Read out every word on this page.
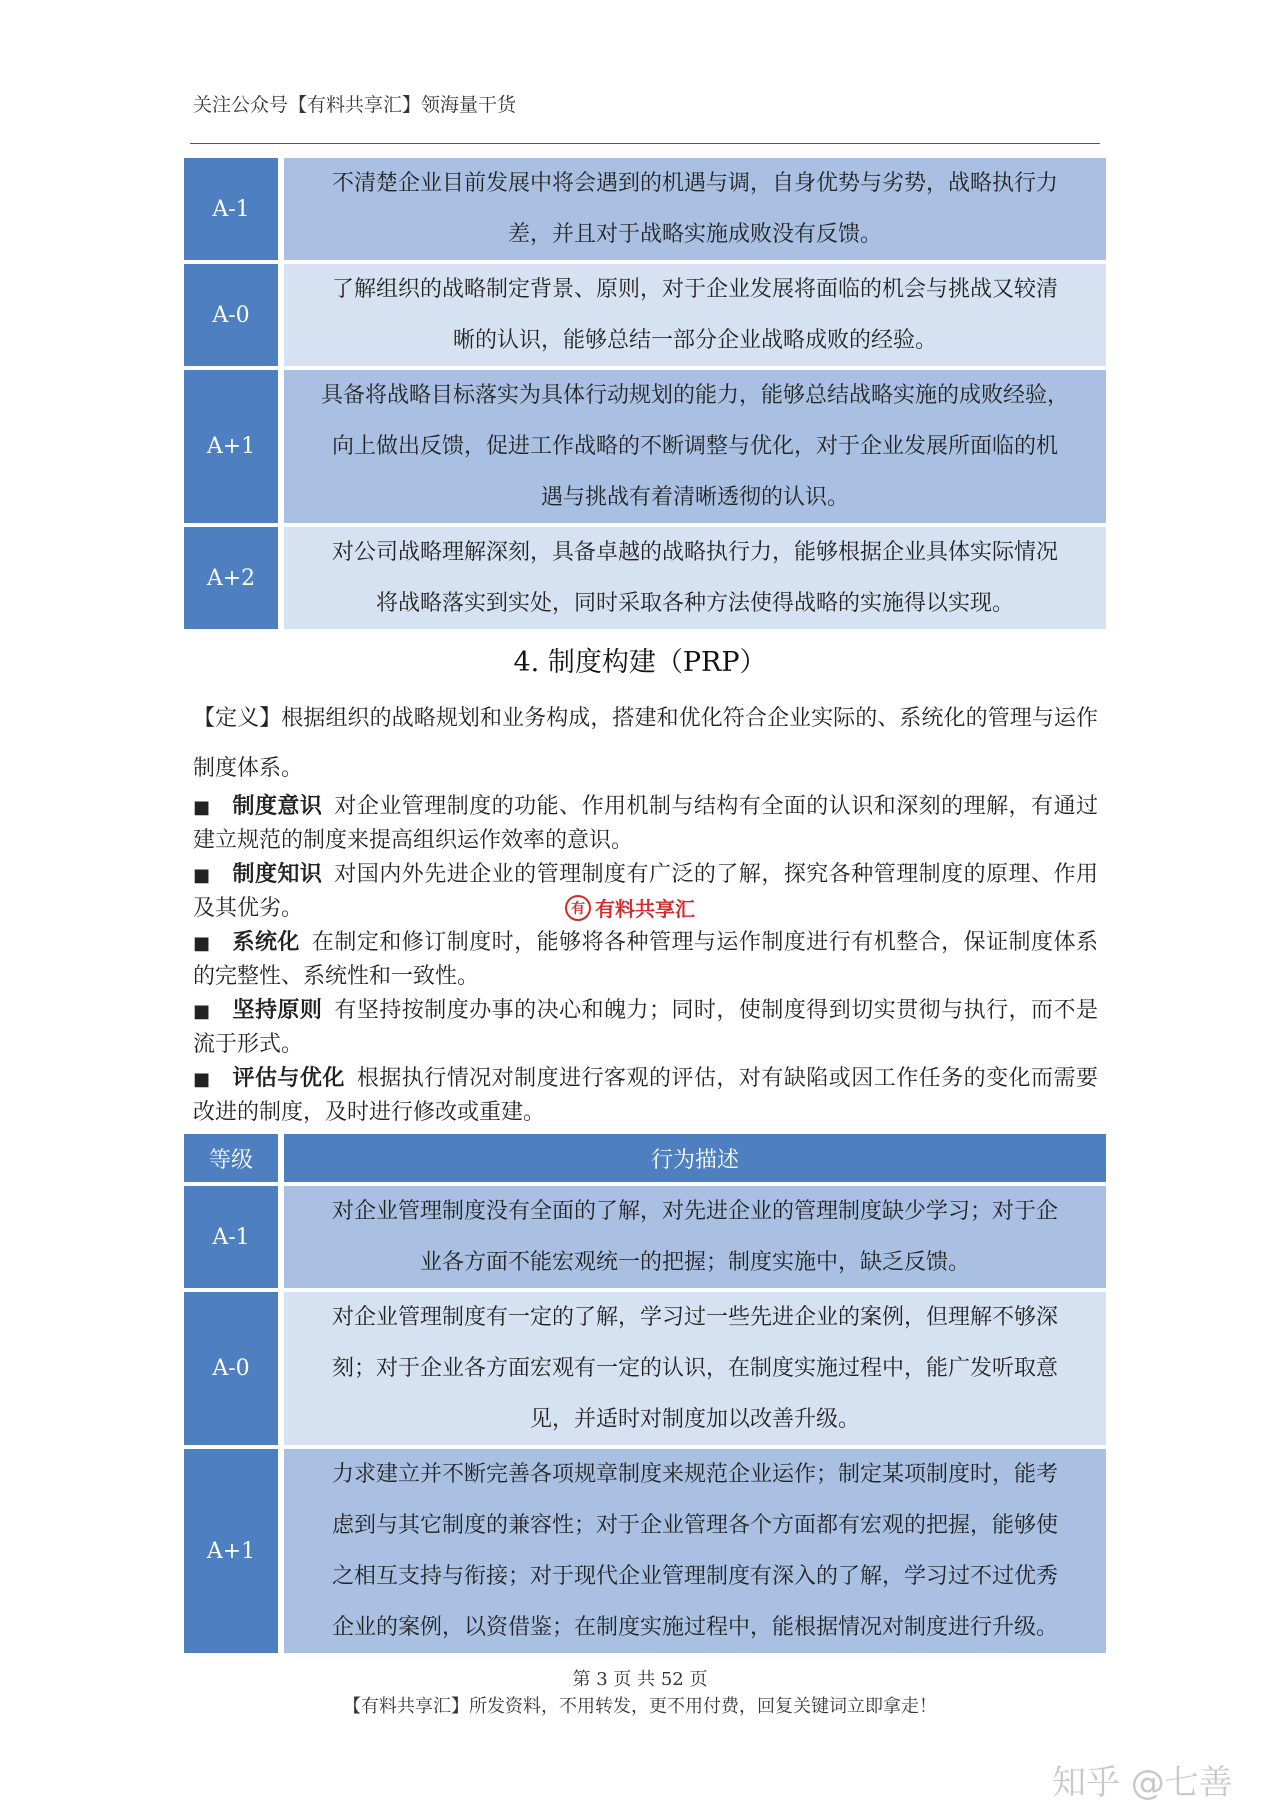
关注公众号【有料共享汇】领海量干货
A-1	不清楚企业目前发展中将会遇到的机遇与调，自身优势与劣势，战略执行力
差，并且对于战略实施成败没有反馈。

A-0	了解组织的战略制定背景、原则，对于企业发展将面临的机会与挑战又较清
晰的认识，能够总结一部分企业战略成败的经验。

A+1	具备将战略目标落实为具体行动规划的能力，能够总结战略实施的成败经验，
向上做出反馈，促进工作战略的不断调整与优化，对于企业发展所面临的机
遇与挑战有着清晰透彻的认识。

A+2	对公司战略理解深刻，具备卓越的战略执行力，能够根据企业具体实际情况
将战略落实到实处，同时采取各种方法使得战略的实施得以实现。
4. 制度构建（PRP）
【定义】根据组织的战略规划和业务构成，搭建和优化符合企业实际的、系统化的管理与运作制度体系。
■ 制度意识 对企业管理制度的功能、作用机制与结构有全面的认识和深刻的理解，有通过建立规范的制度来提高组织运作效率的意识。
■ 制度知识 对国内外先进企业的管理制度有广泛的了解，探究各种管理制度的原理、作用及其优劣。
■ 系统化 在制定和修订制度时，能够将各种管理与运作制度进行有机整合，保证制度体系的完整性、系统性和一致性。
■ 坚持原则 有坚持按制度办事的决心和魄力；同时，使制度得到切实贯彻与执行，而不是流于形式。
■ 评估与优化 根据执行情况对制度进行客观的评估，对有缺陷或因工作任务的变化而需要改进的制度，及时进行修改或重建。
有 有料共享汇
等级	行为描述
A-1	对企业管理制度没有全面的了解，对先进企业的管理制度缺少学习；对于企
业各方面不能宏观统一的把握；制度实施中，缺乏反馈。

A-0	对企业管理制度有一定的了解，学习过一些先进企业的案例，但理解不够深
刻；对于企业各方面宏观有一定的认识，在制度实施过程中，能广发听取意
见，并适时对制度加以改善升级。

A+1	力求建立并不断完善各项规章制度来规范企业运作；制定某项制度时，能考
虑到与其它制度的兼容性；对于企业管理各个方面都有宏观的把握，能够使
之相互支持与衔接；对于现代企业管理制度有深入的了解，学习过不过优秀
企业的案例，以资借鉴；在制度实施过程中，能根据情况对制度进行升级。
第 3 页 共 52 页
【有料共享汇】所发资料，不用转发，更不用付费，回复关键词立即拿走！
知乎 @七善
